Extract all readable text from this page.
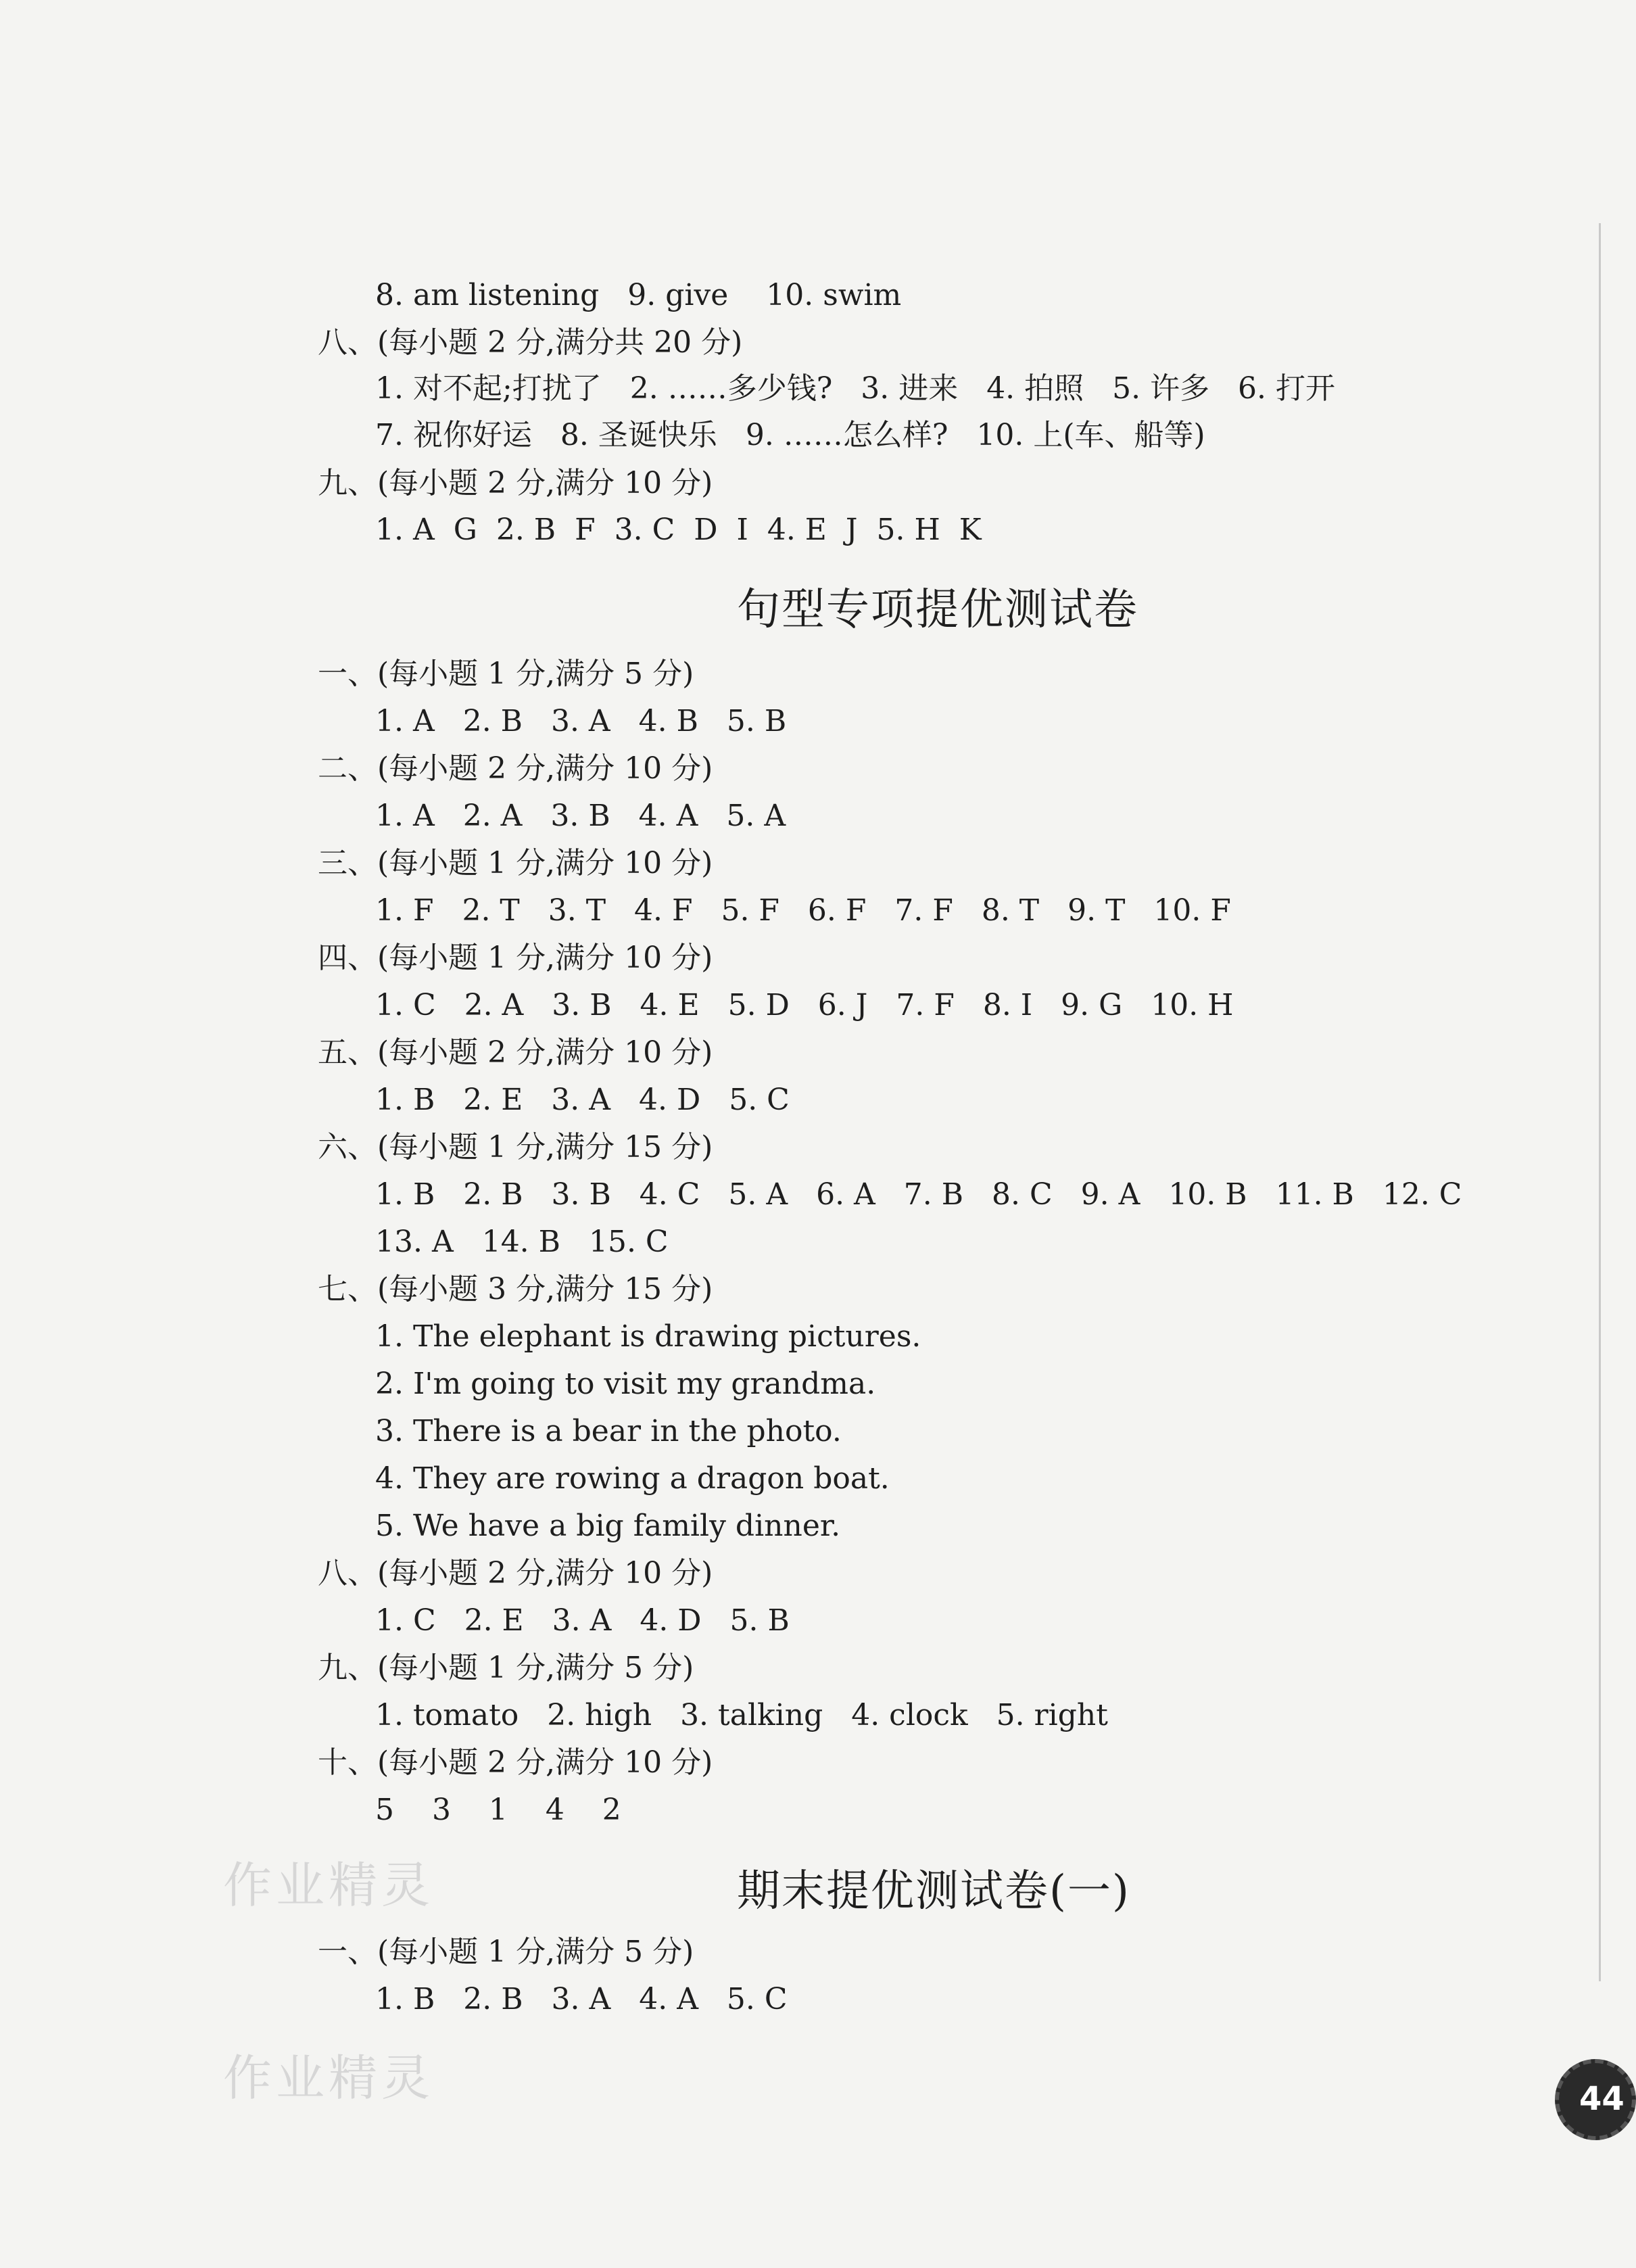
8. am listening   9. give    10. swim
八、(每小题 2 分,满分共 20 分)
1. 对不起;打扰了   2. ……多少钱?   3. 进来   4. 拍照   5. 许多   6. 打开
7. 祝你好运   8. 圣诞快乐   9. ……怎么样?   10. 上(车、船等)
九、(每小题 2 分,满分 10 分)
1. A  G  2. B  F  3. C  D  I  4. E  J  5. H  K
句型专项提优测试卷
一、(每小题 1 分,满分 5 分)
1. A   2. B   3. A   4. B   5. B
二、(每小题 2 分,满分 10 分)
1. A   2. A   3. B   4. A   5. A
三、(每小题 1 分,满分 10 分)
1. F   2. T   3. T   4. F   5. F   6. F   7. F   8. T   9. T   10. F
四、(每小题 1 分,满分 10 分)
1. C   2. A   3. B   4. E   5. D   6. J   7. F   8. I   9. G   10. H
五、(每小题 2 分,满分 10 分)
1. B   2. E   3. A   4. D   5. C
六、(每小题 1 分,满分 15 分)
1. B   2. B   3. B   4. C   5. A   6. A   7. B   8. C   9. A   10. B   11. B   12. C
13. A   14. B   15. C
七、(每小题 3 分,满分 15 分)
1. The elephant is drawing pictures.
2. I'm going to visit my grandma.
3. There is a bear in the photo.
4. They are rowing a dragon boat.
5. We have a big family dinner.
八、(每小题 2 分,满分 10 分)
1. C   2. E   3. A   4. D   5. B
九、(每小题 1 分,满分 5 分)
1. tomato   2. high   3. talking   4. clock   5. right
十、(每小题 2 分,满分 10 分)
5    3    1    4    2
作业精灵	期末提优测试卷(一)
一、(每小题 1 分,满分 5 分)
1. B   2. B   3. A   4. A   5. C
作业精灵	44
